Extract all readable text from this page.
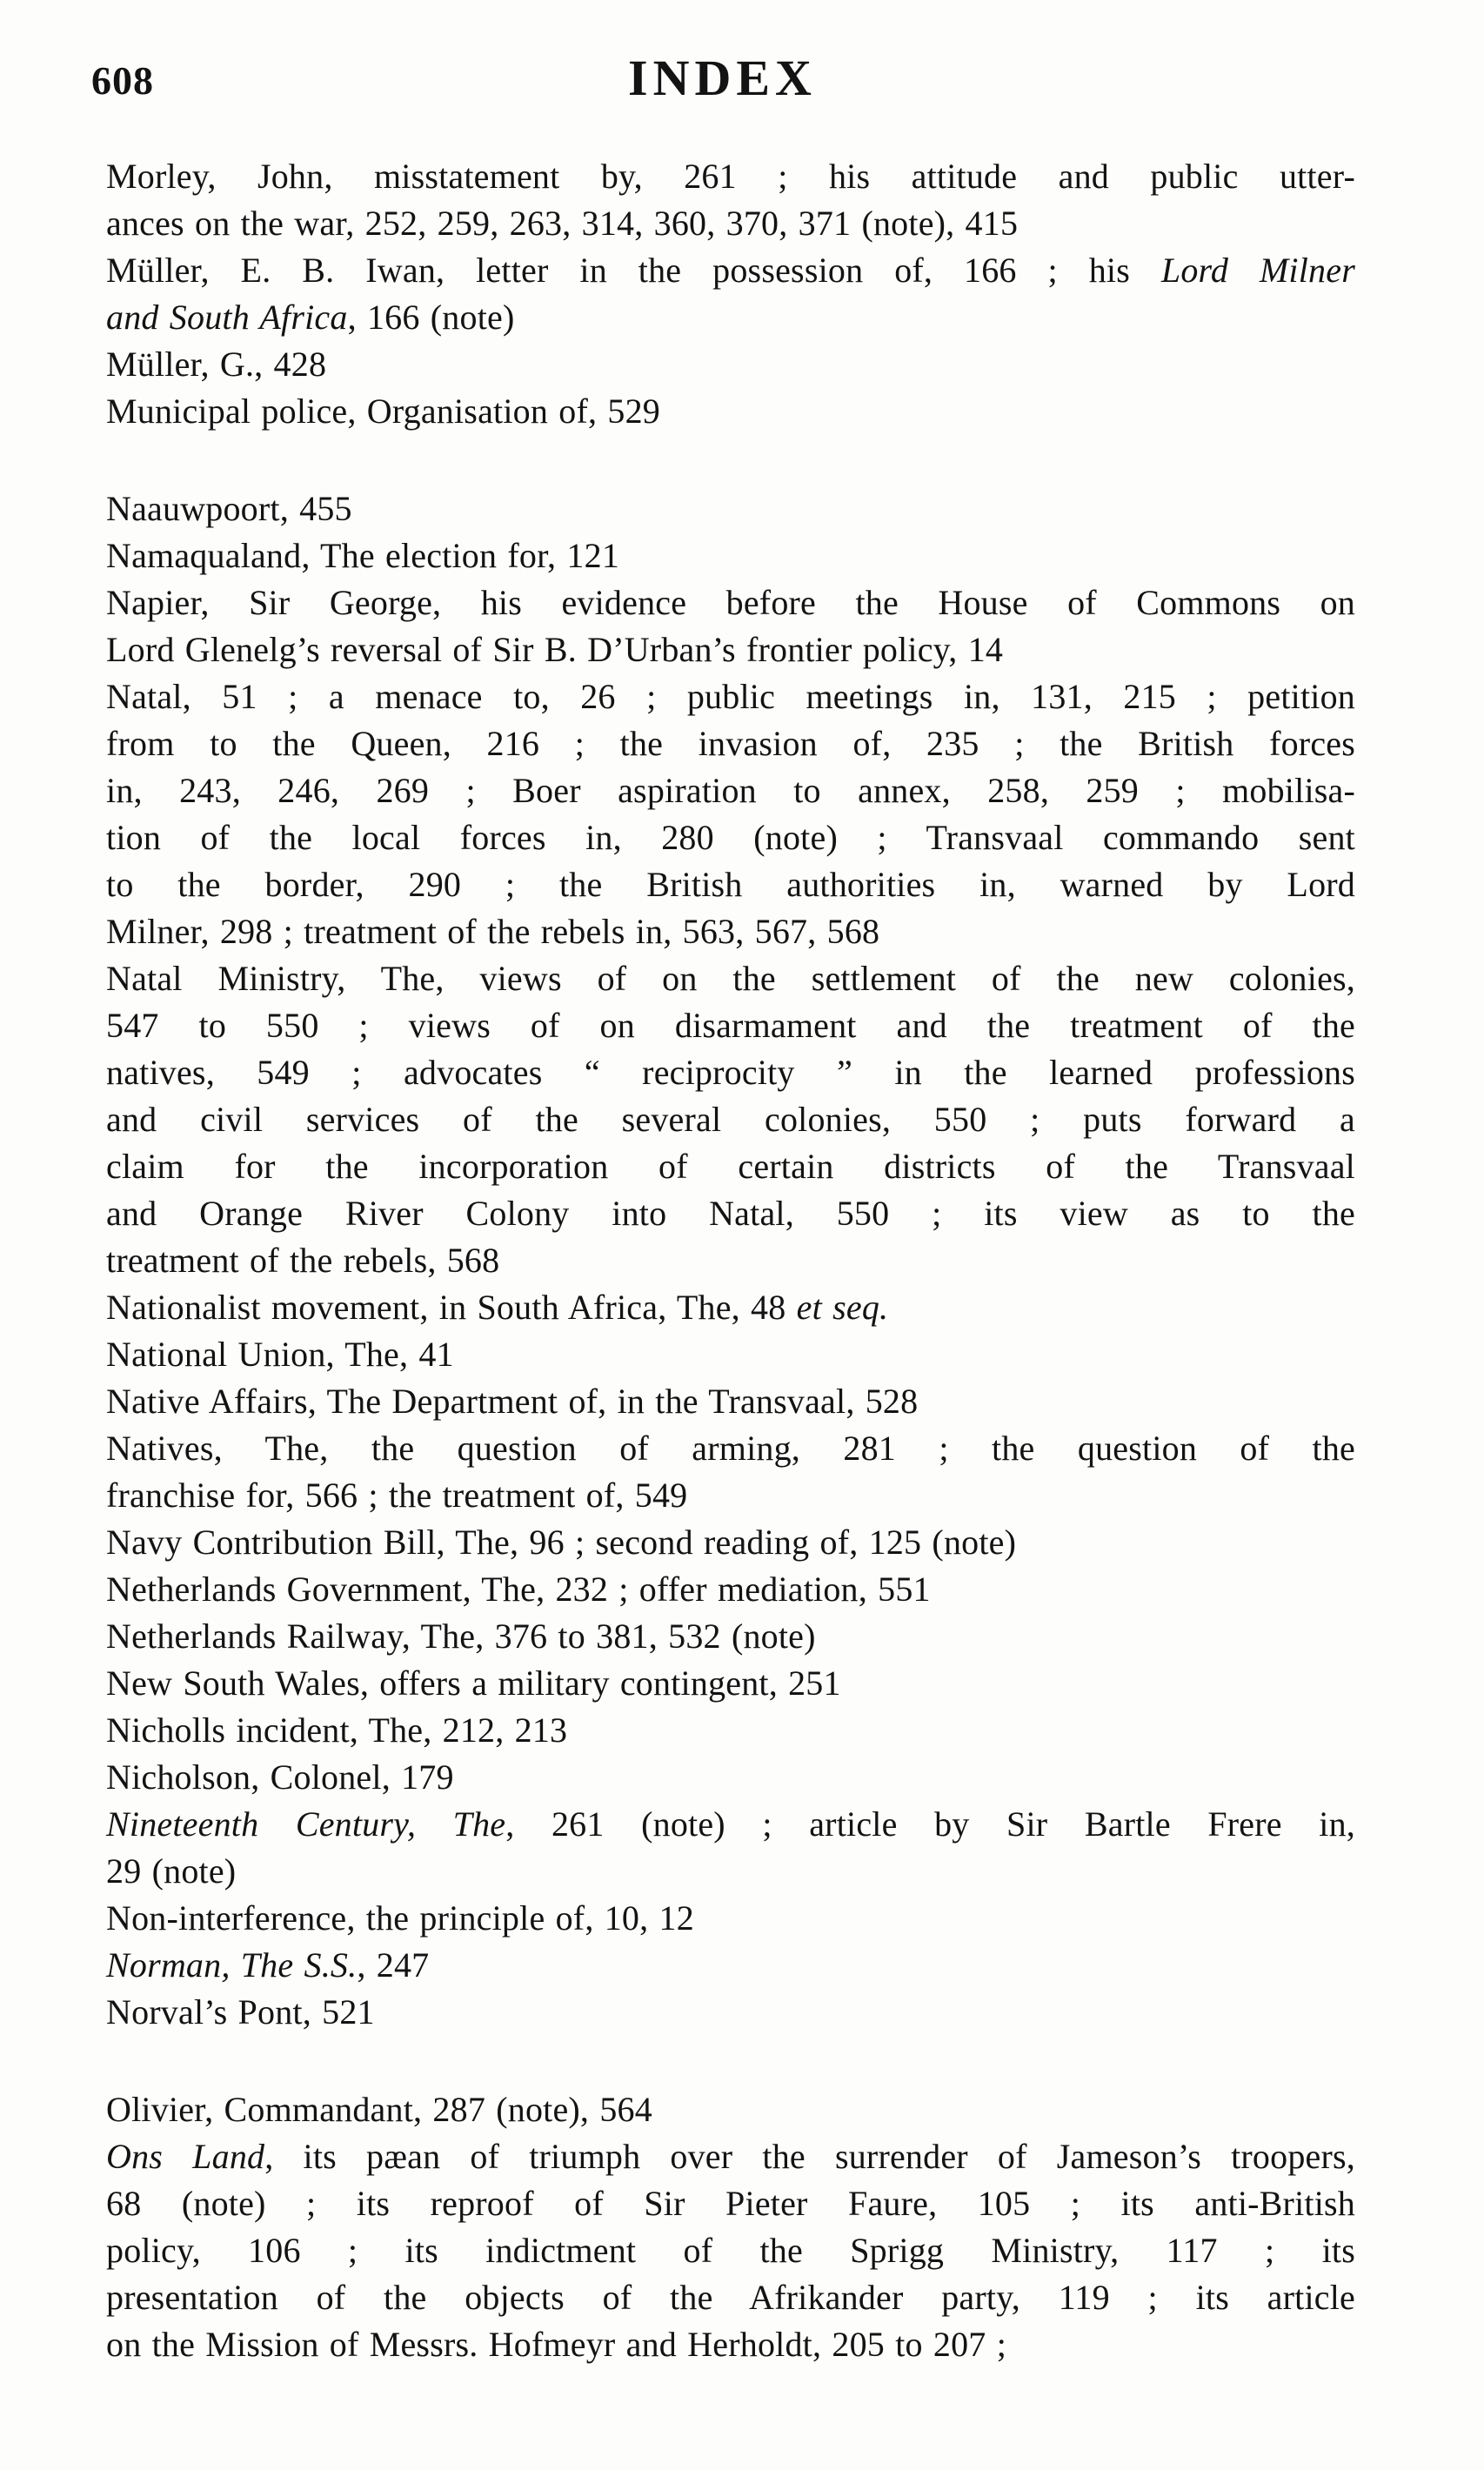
608	INDEX
Morley, John, misstatement by, 261 ; his attitude and public utter-
ances on the war, 252, 259, 263, 314, 360, 370, 371 (note), 415
Müller, E. B. Iwan, letter in the possession of, 166 ; his Lord Milner
and South Africa, 166 (note)
Müller, G., 428
Municipal police, Organisation of, 529
Naauwpoort, 455
Namaqualand, The election for, 121
Napier, Sir George, his evidence before the House of Commons on
Lord Glenelg’s reversal of Sir B. D’Urban’s frontier policy, 14
Natal, 51 ; a menace to, 26 ; public meetings in, 131, 215 ; petition
from to the Queen, 216 ; the invasion of, 235 ; the British forces
in, 243, 246, 269 ; Boer aspiration to annex, 258, 259 ; mobilisa-
tion of the local forces in, 280 (note) ; Transvaal commando sent
to the border, 290 ; the British authorities in, warned by Lord
Milner, 298 ; treatment of the rebels in, 563, 567, 568
Natal Ministry, The, views of on the settlement of the new colonies,
547 to 550 ; views of on disarmament and the treatment of the
natives, 549 ; advocates “ reciprocity ” in the learned professions
and civil services of the several colonies, 550 ; puts forward a
claim for the incorporation of certain districts of the Transvaal
and Orange River Colony into Natal, 550 ; its view as to the
treatment of the rebels, 568
Nationalist movement, in South Africa, The, 48 et seq.
National Union, The, 41
Native Affairs, The Department of, in the Transvaal, 528
Natives, The, the question of arming, 281 ; the question of the
franchise for, 566 ; the treatment of, 549
Navy Contribution Bill, The, 96 ; second reading of, 125 (note)
Netherlands Government, The, 232 ; offer mediation, 551
Netherlands Railway, The, 376 to 381, 532 (note)
New South Wales, offers a military contingent, 251
Nicholls incident, The, 212, 213
Nicholson, Colonel, 179
Nineteenth Century, The, 261 (note) ; article by Sir Bartle Frere in,
29 (note)
Non-interference, the principle of, 10, 12
Norman, The S.S., 247
Norval’s Pont, 521
Olivier, Commandant, 287 (note), 564
Ons Land, its pæan of triumph over the surrender of Jameson’s troopers,
68 (note) ; its reproof of Sir Pieter Faure, 105 ; its anti-British
policy, 106 ; its indictment of the Sprigg Ministry, 117 ; its
presentation of the objects of the Afrikander party, 119 ; its article
on the Mission of Messrs. Hofmeyr and Herholdt, 205 to 207 ;
